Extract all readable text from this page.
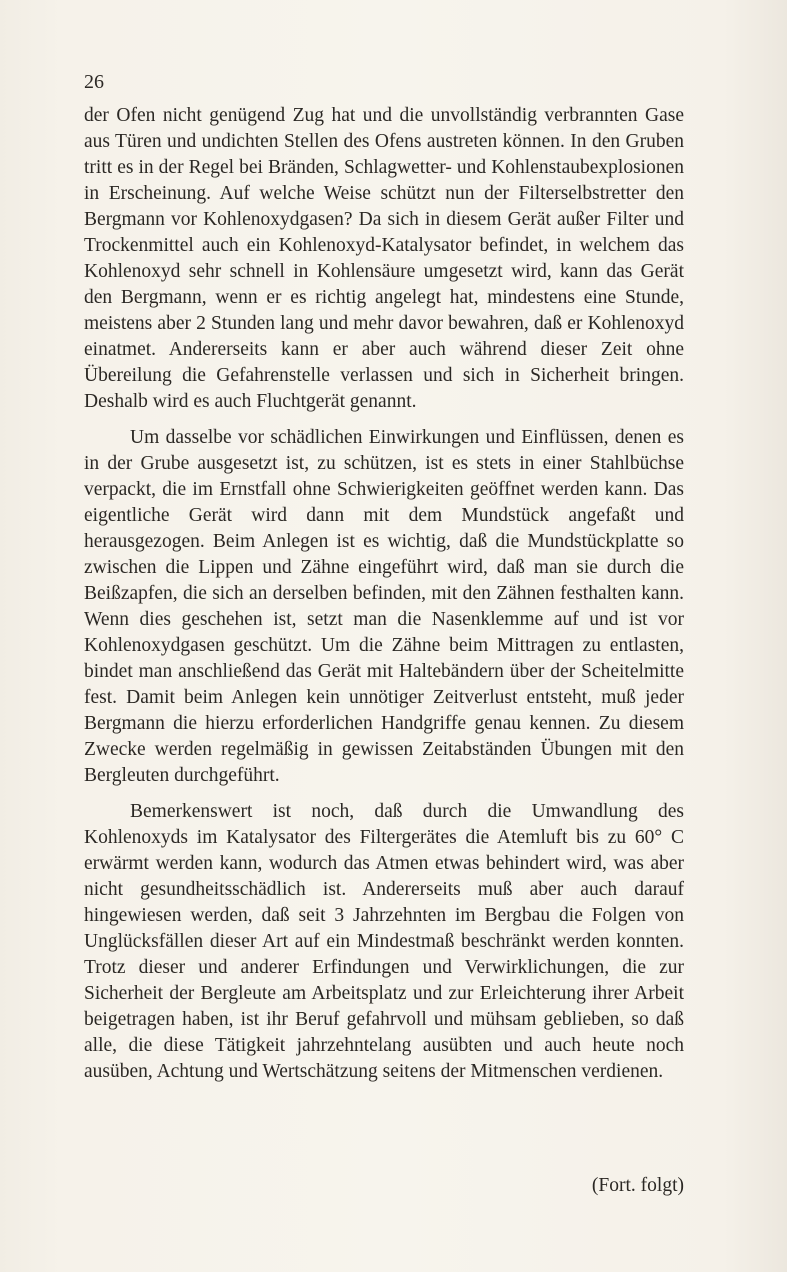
26

der Ofen nicht genügend Zug hat und die unvollständig verbrannten Gase aus Türen und undichten Stellen des Ofens austreten können. In den Gruben tritt es in der Regel bei Bränden, Schlagwetter- und Kohlenstaubexplosionen in Erscheinung. Auf welche Weise schützt nun der Filterselbstretter den Bergmann vor Kohlenoxydgasen? Da sich in diesem Gerät außer Filter und Trockenmittel auch ein Kohlenoxyd-Katalysator befindet, in welchem das Kohlenoxyd sehr schnell in Kohlensäure umgesetzt wird, kann das Gerät den Bergmann, wenn er es richtig angelegt hat, mindestens eine Stunde, meistens aber 2 Stunden lang und mehr davor bewahren, daß er Kohlenoxyd einatmet. Andererseits kann er aber auch während dieser Zeit ohne Übereilung die Gefahrenstelle verlassen und sich in Sicherheit bringen. Deshalb wird es auch Fluchtgerät genannt.

Um dasselbe vor schädlichen Einwirkungen und Einflüssen, denen es in der Grube ausgesetzt ist, zu schützen, ist es stets in einer Stahlbüchse verpackt, die im Ernstfall ohne Schwierigkeiten geöffnet werden kann. Das eigentliche Gerät wird dann mit dem Mundstück angefaßt und herausgezogen. Beim Anlegen ist es wichtig, daß die Mundstückplatte so zwischen die Lippen und Zähne eingeführt wird, daß man sie durch die Beißzapfen, die sich an derselben befinden, mit den Zähnen festhalten kann. Wenn dies geschehen ist, setzt man die Nasenklemme auf und ist vor Kohlenoxydgasen geschützt. Um die Zähne beim Mittragen zu entlasten, bindet man anschließend das Gerät mit Haltebändern über der Scheitelmitte fest. Damit beim Anlegen kein unnötiger Zeitverlust entsteht, muß jeder Bergmann die hierzu erforderlichen Handgriffe genau kennen. Zu diesem Zwecke werden regelmäßig in gewissen Zeitabständen Übungen mit den Bergleuten durchgeführt.

Bemerkenswert ist noch, daß durch die Umwandlung des Kohlenoxyds im Katalysator des Filtergerätes die Atemluft bis zu 60° C erwärmt werden kann, wodurch das Atmen etwas behindert wird, was aber nicht gesundheitsschädlich ist. Andererseits muß aber auch darauf hingewiesen werden, daß seit 3 Jahrzehnten im Bergbau die Folgen von Unglücksfällen dieser Art auf ein Mindestmaß beschränkt werden konnten. Trotz dieser und anderer Erfindungen und Verwirklichungen, die zur Sicherheit der Bergleute am Arbeitsplatz und zur Erleichterung ihrer Arbeit beigetragen haben, ist ihr Beruf gefahrvoll und mühsam geblieben, so daß alle, die diese Tätigkeit jahrzehntelang ausübten und auch heute noch ausüben, Achtung und Wertschätzung seitens der Mitmenschen verdienen.

(Fort. folgt)
